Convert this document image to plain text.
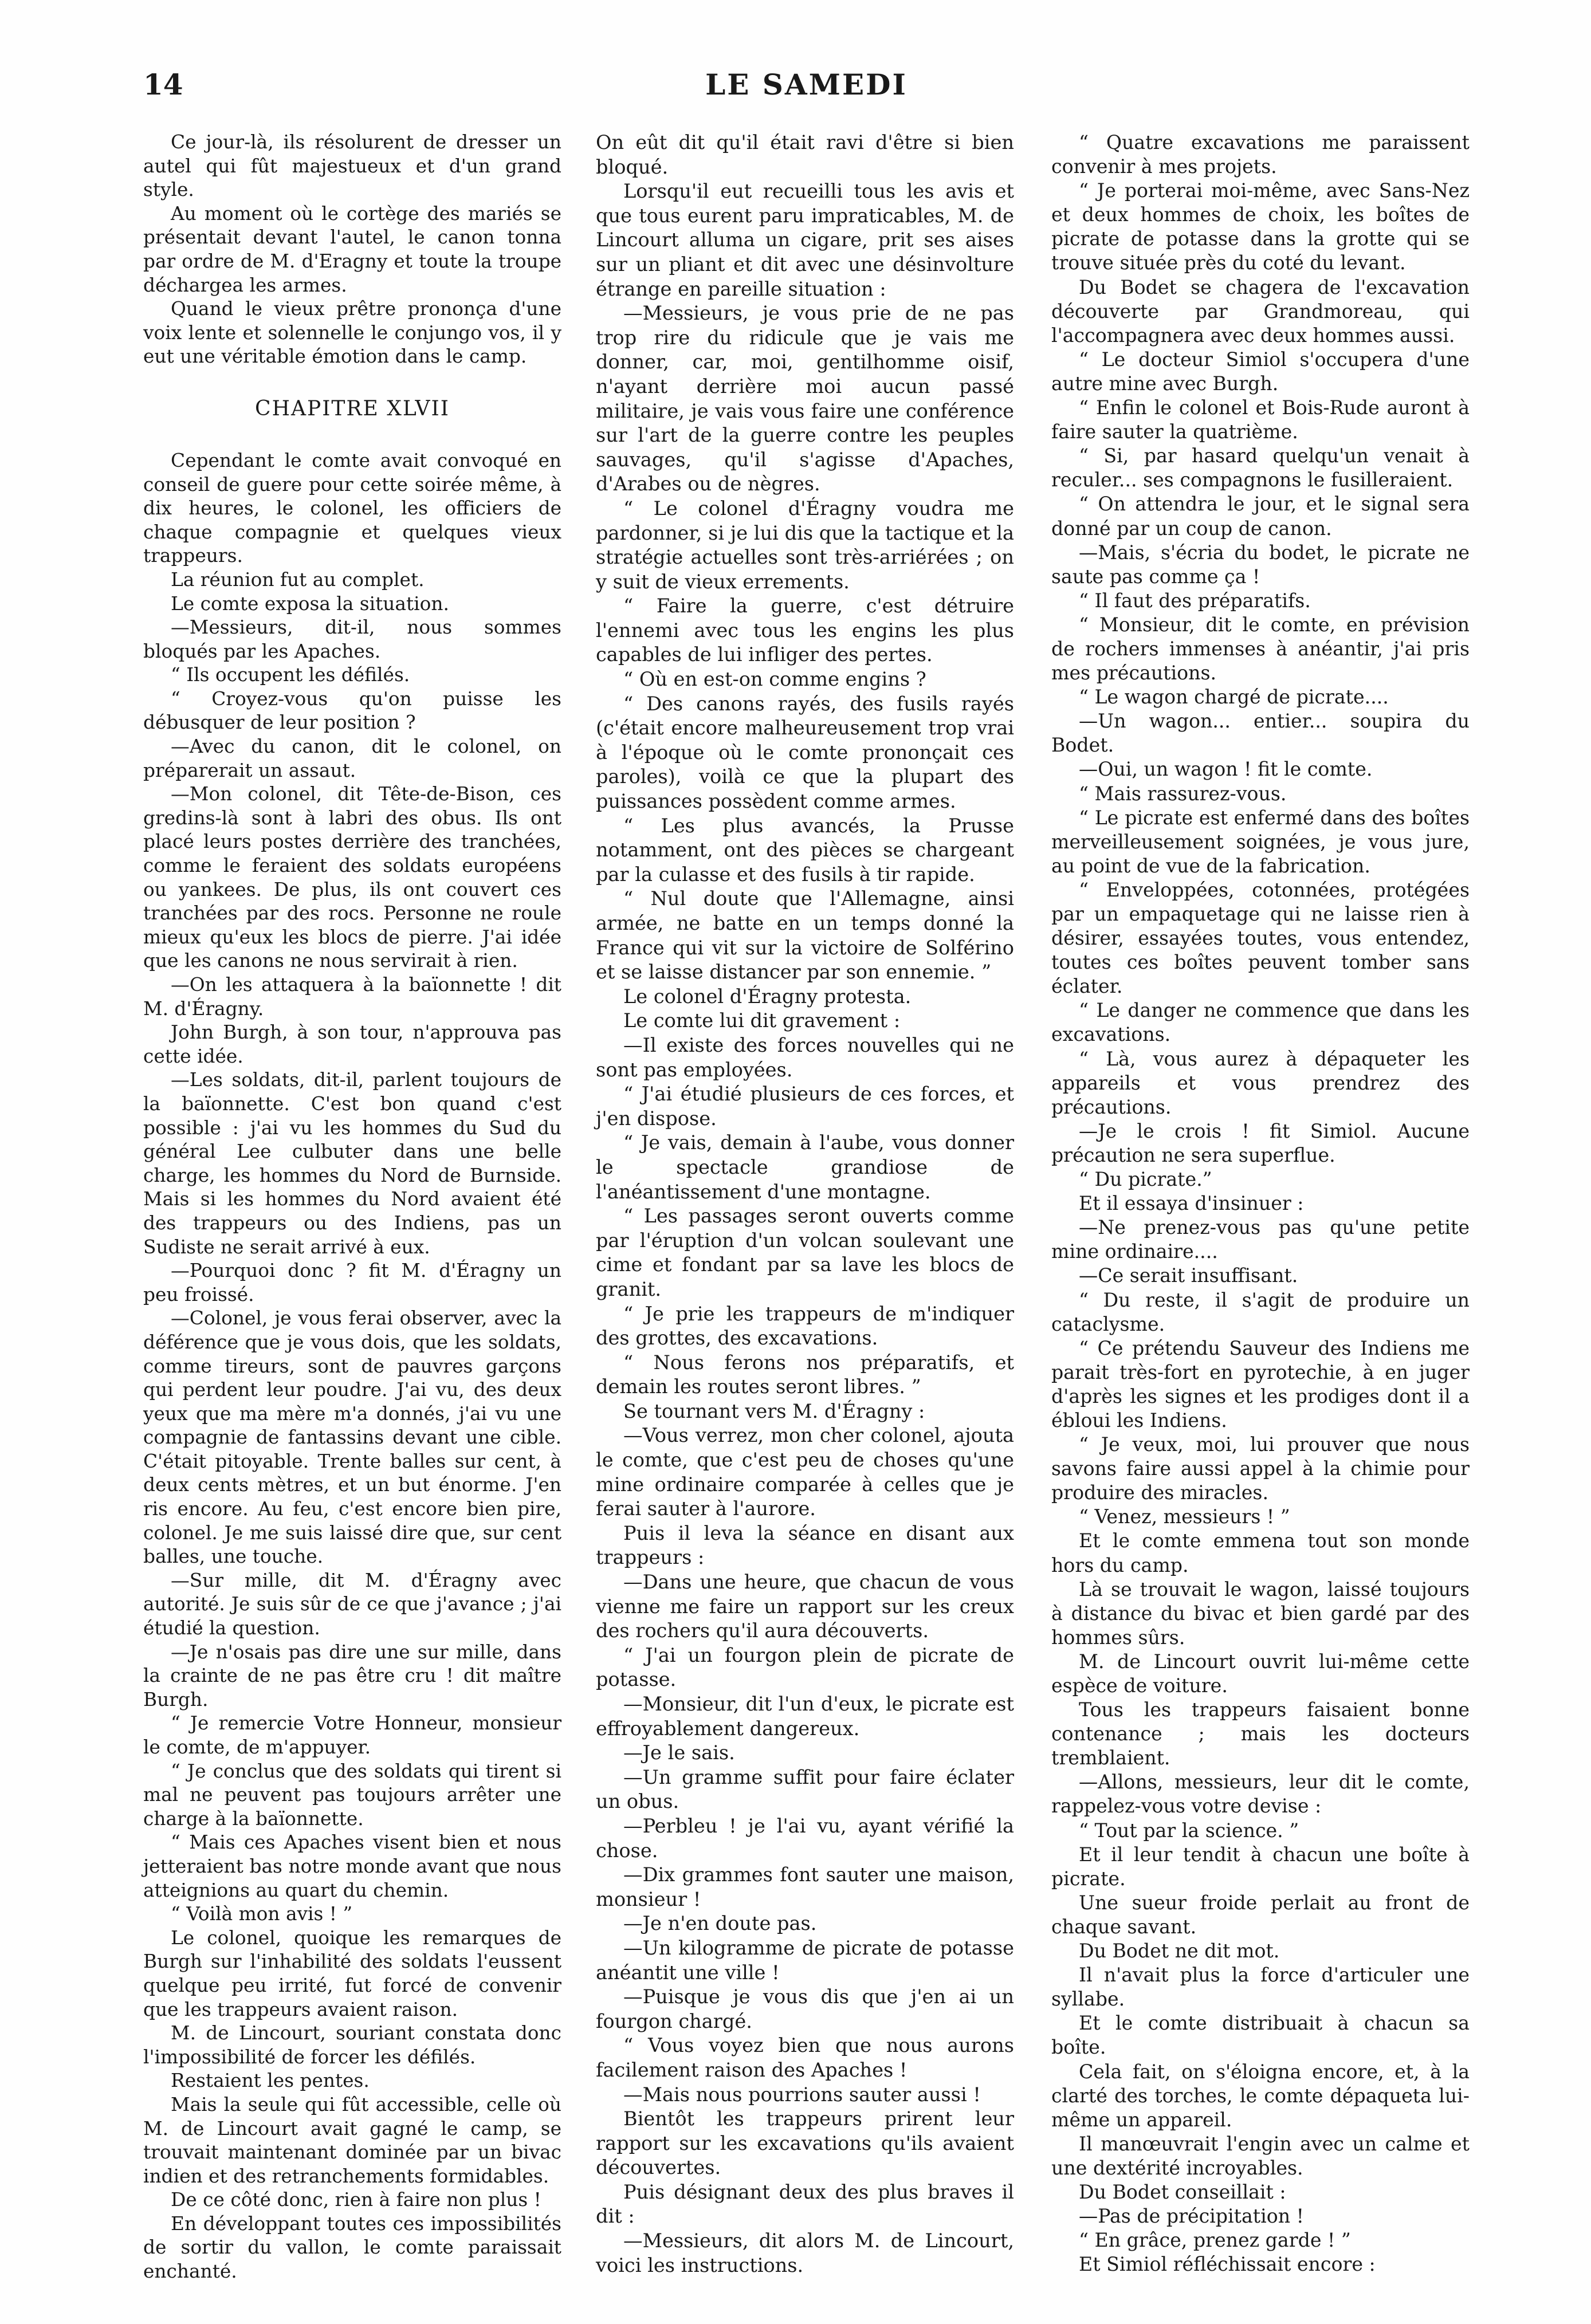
14	LE SAMEDI

Ce jour-là, ils résolurent de dresser un autel qui fût majestueux et d'un grand style.

Au moment où le cortège des mariés se présentait devant l'autel, le canon tonna par ordre de M. d'Eragny et toute la troupe déchargea les armes.

Quand le vieux prêtre prononça d'une voix lente et solennelle le conjungo vos, il y eut une véritable émotion dans le camp.

CHAPITRE XLVII

Cependant le comte avait convoqué en conseil de guere pour cette soirée même, à dix heures, le colonel, les officiers de chaque compagnie et quelques vieux trappeurs.

La réunion fut au complet.

Le comte exposa la situation.

—Messieurs, dit-il, nous sommes bloqués par les Apaches.

“ Ils occupent les défilés.

“ Croyez-vous qu'on puisse les débusquer de leur position ?

—Avec du canon, dit le colonel, on préparerait un assaut.

—Mon colonel, dit Tête-de-Bison, ces gredins-là sont à labri des obus. Ils ont placé leurs postes derrière des tranchées, comme le feraient des soldats européens ou yankees. De plus, ils ont couvert ces tranchées par des rocs. Personne ne roule mieux qu'eux les blocs de pierre. J'ai idée que les canons ne nous servirait à rien.

—On les attaquera à la baïonnette ! dit M. d'Éragny.

John Burgh, à son tour, n'approuva pas cette idée.

—Les soldats, dit-il, parlent toujours de la baïonnette. C'est bon quand c'est possible : j'ai vu les hommes du Sud du général Lee culbuter dans une belle charge, les hommes du Nord de Burnside. Mais si les hommes du Nord avaient été des trappeurs ou des Indiens, pas un Sudiste ne serait arrivé à eux.

—Pourquoi donc ? fit M. d'Éragny un peu froissé.

—Colonel, je vous ferai observer, avec la déférence que je vous dois, que les soldats, comme tireurs, sont de pauvres garçons qui perdent leur poudre. J'ai vu, des deux yeux que ma mère m'a donnés, j'ai vu une compagnie de fantassins devant une cible. C'était pitoyable. Trente balles sur cent, à deux cents mètres, et un but énorme. J'en ris encore. Au feu, c'est encore bien pire, colonel. Je me suis laissé dire que, sur cent balles, une touche.

—Sur mille, dit M. d'Éragny avec autorité. Je suis sûr de ce que j'avance ; j'ai étudié la question.

—Je n'osais pas dire une sur mille, dans la crainte de ne pas être cru ! dit maître Burgh.

“ Je remercie Votre Honneur, monsieur le comte, de m'appuyer.

“ Je conclus que des soldats qui tirent si mal ne peuvent pas toujours arrêter une charge à la baïonnette.

“ Mais ces Apaches visent bien et nous jetteraient bas notre monde avant que nous atteignions au quart du chemin.

“ Voilà mon avis ! ”

Le colonel, quoique les remarques de Burgh sur l'inhabilité des soldats l'eussent quelque peu irrité, fut forcé de convenir que les trappeurs avaient raison.

M. de Lincourt, souriant constata donc l'impossibilité de forcer les défilés.

Restaient les pentes.

Mais la seule qui fût accessible, celle où M. de Lincourt avait gagné le camp, se trouvait maintenant dominée par un bivac indien et des retranchements formidables.

De ce côté donc, rien à faire non plus !

En développant toutes ces impossibilités de sortir du vallon, le comte paraissait enchanté.

On eût dit qu'il était ravi d'être si bien bloqué.

Lorsqu'il eut recueilli tous les avis et que tous eurent paru impraticables, M. de Lincourt alluma un cigare, prit ses aises sur un pliant et dit avec une désinvolture étrange en pareille situation :

—Messieurs, je vous prie de ne pas trop rire du ridicule que je vais me donner, car, moi, gentilhomme oisif, n'ayant derrière moi aucun passé militaire, je vais vous faire une conférence sur l'art de la guerre contre les peuples sauvages, qu'il s'agisse d'Apaches, d'Arabes ou de nègres.

“ Le colonel d'Éragny voudra me pardonner, si je lui dis que la tactique et la stratégie actuelles sont très-arriérées ; on y suit de vieux errements.

“ Faire la guerre, c'est détruire l'ennemi avec tous les engins les plus capables de lui infliger des pertes.

“ Où en est-on comme engins ?

“ Des canons rayés, des fusils rayés (c'était encore malheureusement trop vrai à l'époque où le comte prononçait ces paroles), voilà ce que la plupart des puissances possèdent comme armes.

“ Les plus avancés, la Prusse notamment, ont des pièces se chargeant par la culasse et des fusils à tir rapide.

“ Nul doute que l'Allemagne, ainsi armée, ne batte en un temps donné la France qui vit sur la victoire de Solférino et se laisse distancer par son ennemie. ”

Le colonel d'Éragny protesta.

Le comte lui dit gravement :

—Il existe des forces nouvelles qui ne sont pas employées.

“ J'ai étudié plusieurs de ces forces, et j'en dispose.

“ Je vais, demain à l'aube, vous donner le spectacle grandiose de l'anéantissement d'une montagne.

“ Les passages seront ouverts comme par l'éruption d'un volcan soulevant une cime et fondant par sa lave les blocs de granit.

“ Je prie les trappeurs de m'indiquer des grottes, des excavations.

“ Nous ferons nos préparatifs, et demain les routes seront libres. ”

Se tournant vers M. d'Éragny :

—Vous verrez, mon cher colonel, ajouta le comte, que c'est peu de choses qu'une mine ordinaire comparée à celles que je ferai sauter à l'aurore.

Puis il leva la séance en disant aux trappeurs :

—Dans une heure, que chacun de vous vienne me faire un rapport sur les creux des rochers qu'il aura découverts.

“ J'ai un fourgon plein de picrate de potasse.

—Monsieur, dit l'un d'eux, le picrate est effroyablement dangereux.

—Je le sais.

—Un gramme suffit pour faire éclater un obus.

—Perbleu ! je l'ai vu, ayant vérifié la chose.

—Dix grammes font sauter une maison, monsieur !

—Je n'en doute pas.

—Un kilogramme de picrate de potasse anéantit une ville !

—Puisque je vous dis que j'en ai un fourgon chargé.

“ Vous voyez bien que nous aurons facilement raison des Apaches !

—Mais nous pourrions sauter aussi !

Bientôt les trappeurs prirent leur rapport sur les excavations qu'ils avaient découvertes.

Puis désignant deux des plus braves il dit :

—Messieurs, dit alors M. de Lincourt, voici les instructions.

“ Quatre excavations me paraissent convenir à mes projets.

“ Je porterai moi-même, avec Sans-Nez et deux hommes de choix, les boîtes de picrate de potasse dans la grotte qui se trouve située près du coté du levant.

Du Bodet se chagera de l'excavation découverte par Grandmoreau, qui l'accompagnera avec deux hommes aussi.

“ Le docteur Simiol s'occupera d'une autre mine avec Burgh.

“ Enfin le colonel et Bois-Rude auront à faire sauter la quatrième.

“ Si, par hasard quelqu'un venait à reculer... ses compagnons le fusilleraient.

“ On attendra le jour, et le signal sera donné par un coup de canon.

—Mais, s'écria du bodet, le picrate ne saute pas comme ça !

“ Il faut des préparatifs.

“ Monsieur, dit le comte, en prévision de rochers immenses à anéantir, j'ai pris mes précautions.

“ Le wagon chargé de picrate....

—Un wagon... entier... soupira du Bodet.

—Oui, un wagon ! fit le comte.

“ Mais rassurez-vous.

“ Le picrate est enfermé dans des boîtes merveilleusement soignées, je vous jure, au point de vue de la fabrication.

“ Enveloppées, cotonnées, protégées par un empaquetage qui ne laisse rien à désirer, essayées toutes, vous entendez, toutes ces boîtes peuvent tomber sans éclater.

“ Le danger ne commence que dans les excavations.

“ Là, vous aurez à dépaqueter les appareils et vous prendrez des précautions.

—Je le crois ! fit Simiol. Aucune précaution ne sera superflue.

“ Du picrate.”

Et il essaya d'insinuer :

—Ne prenez-vous pas qu'une petite mine ordinaire....

—Ce serait insuffisant.

“ Du reste, il s'agit de produire un cataclysme.

“ Ce prétendu Sauveur des Indiens me parait très-fort en pyrotechie, à en juger d'après les signes et les prodiges dont il a ébloui les Indiens.

“ Je veux, moi, lui prouver que nous savons faire aussi appel à la chimie pour produire des miracles.

“ Venez, messieurs ! ”

Et le comte emmena tout son monde hors du camp.

Là se trouvait le wagon, laissé toujours à distance du bivac et bien gardé par des hommes sûrs.

M. de Lincourt ouvrit lui-même cette espèce de voiture.

Tous les trappeurs faisaient bonne contenance ; mais les docteurs tremblaient.

—Allons, messieurs, leur dit le comte, rappelez-vous votre devise :

“ Tout par la science. ”

Et il leur tendit à chacun une boîte à picrate.

Une sueur froide perlait au front de chaque savant.

Du Bodet ne dit mot.

Il n'avait plus la force d'articuler une syllabe.

Et le comte distribuait à chacun sa boîte.

Cela fait, on s'éloigna encore, et, à la clarté des torches, le comte dépaqueta lui-même un appareil.

Il manœuvrait l'engin avec un calme et une dextérité incroyables.

Du Bodet conseillait :

—Pas de précipitation !

“ En grâce, prenez garde ! ”

Et Simiol réfléchissait encore :
